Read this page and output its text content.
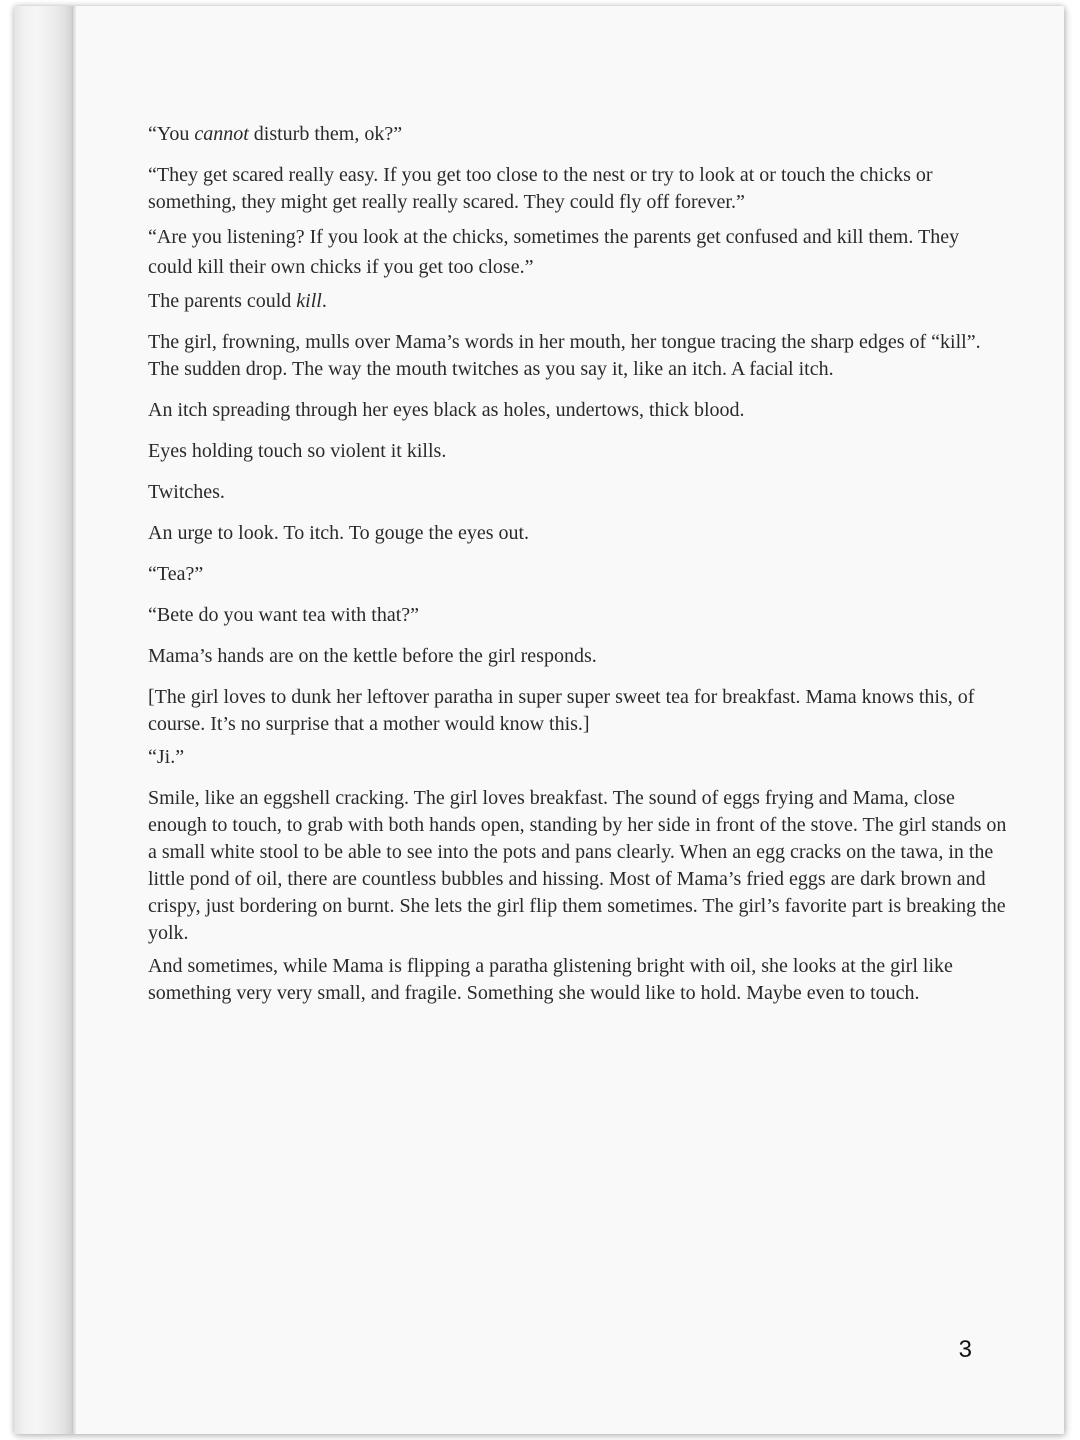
“You cannot disturb them, ok?”

“They get scared really easy. If you get too close to the nest or try to look at or touch the chicks or something, they might get really really scared. They could fly off forever.”

“Are you listening? If you look at the chicks, sometimes the parents get confused and kill them. They could kill their own chicks if you get too close.”

The parents could kill.

The girl, frowning, mulls over Mama’s words in her mouth, her tongue tracing the sharp edges of “kill”. The sudden drop. The way the mouth twitches as you say it, like an itch. A facial itch.

An itch spreading through her eyes black as holes, undertows, thick blood.

Eyes holding touch so violent it kills.

Twitches.

An urge to look. To itch. To gouge the eyes out.

“Tea?”

“Bete do you want tea with that?”

Mama’s hands are on the kettle before the girl responds.

[The girl loves to dunk her leftover paratha in super super sweet tea for breakfast. Mama knows this, of course. It’s no surprise that a mother would know this.]

“Ji.”

Smile, like an eggshell cracking. The girl loves breakfast. The sound of eggs frying and Mama, close enough to touch, to grab with both hands open, standing by her side in front of the stove. The girl stands on a small white stool to be able to see into the pots and pans clearly. When an egg cracks on the tawa, in the little pond of oil, there are countless bubbles and hissing. Most of Mama’s fried eggs are dark brown and crispy, just bordering on burnt. She lets the girl flip them sometimes. The girl’s favorite part is breaking the yolk.

And sometimes, while Mama is flipping a paratha glistening bright with oil, she looks at the girl like something very very small, and fragile. Something she would like to hold. Maybe even to touch.

3
